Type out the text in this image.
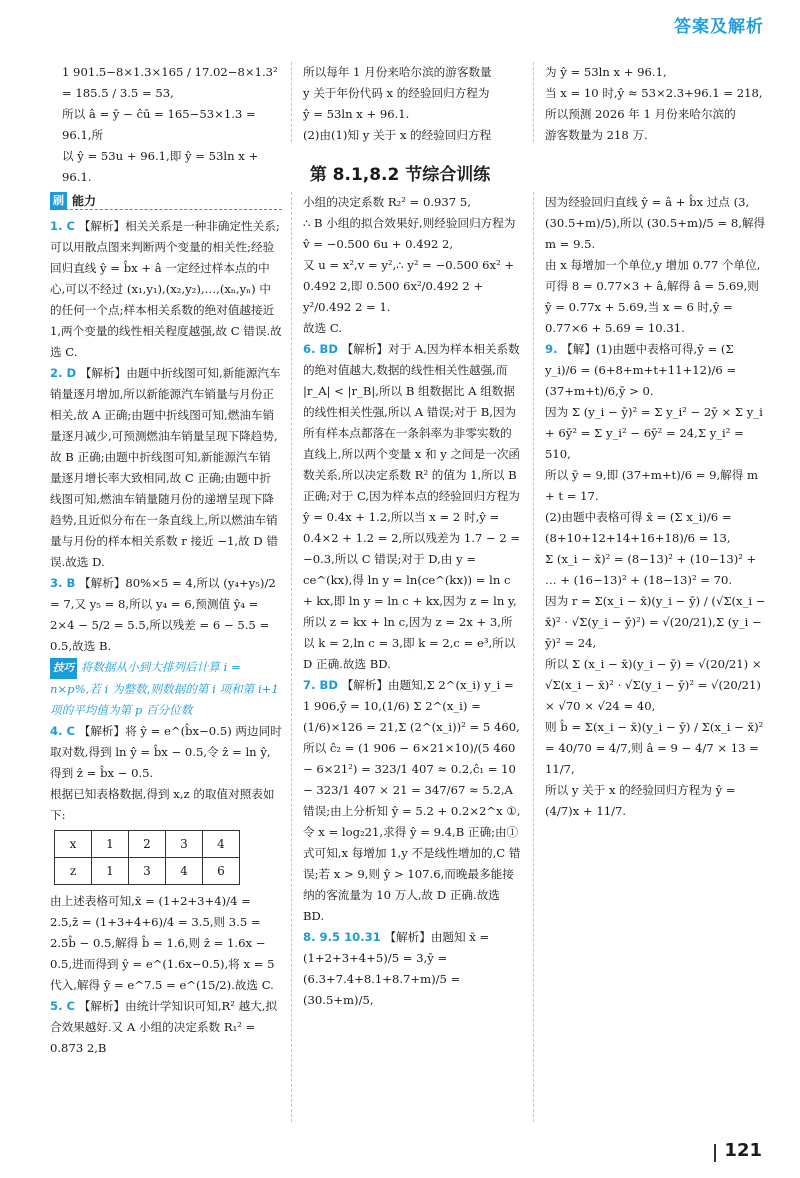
答案及解析

1 901.5−8×1.3×165 / 17.02−8×1.3² = 185.5 / 3.5 = 53,

所以 â = ȳ − ĉū = 165−53×1.3 = 96.1,所

以 ŷ = 53u + 96.1,即 ŷ = 53ln x + 96.1.

所以每年 1 月份来哈尔滨的游客数量

y 关于年份代码 x 的经验回归方程为

ŷ = 53ln x + 96.1.

(2)由(1)知 y 关于 x 的经验回归方程

为 ŷ = 53ln x + 96.1,

当 x = 10 时,ŷ ≈ 53×2.3+96.1 = 218,

所以预测 2026 年 1 月份来哈尔滨的

游客数量为 218 万.

第 8.1,8.2 节综合训练
刷 能力

1. C 【解析】相关关系是一种非确定性关系;可以用散点图来判断两个变量的相关性;经验回归直线 ŷ = b̂x + â 一定经过样本点的中心,可以不经过 (x₁,y₁),(x₂,y₂),…,(xₙ,yₙ) 中的任何一个点;样本相关系数的绝对值越接近 1,两个变量的线性相关程度越强,故 C 错误.故选 C.

2. D 【解析】由题中折线图可知,新能源汽车销量逐月增加,所以新能源汽车销量与月份正相关,故 A 正确;由题中折线图可知,燃油车销量逐月减少,可预测燃油车销量呈现下降趋势,故 B 正确;由题中折线图可知,新能源汽车销量逐月增长率大致相同,故 C 正确;由题中折线图可知,燃油车销量随月份的递增呈现下降趋势,且近似分布在一条直线上,所以燃油车销量与月份的样本相关系数 r 接近 −1,故 D 错误.故选 D.

3. B 【解析】80%×5 = 4,所以 (y₄+y₅)/2 = 7,又 y₅ = 8,所以 y₄ = 6,预测值 ŷ₄ = 2×4 − 5/2 = 5.5,所以残差 = 6 − 5.5 = 0.5,故选 B.

技巧 将数据从小到大排列后计算 i = n×p%,若 i 为整数,则数据的第 i 项和第 i+1 项的平均值为第 p 百分位数

4. C 【解析】将 ŷ = e^(b̂x−0.5) 两边同时取对数,得到 ln ŷ = b̂x − 0.5,令 ẑ = ln ŷ,得到 ẑ = b̂x − 0.5.

根据已知表格数据,得到 x,z 的取值对照表如下:

x	1	2	3	4
z	1	3	4	6

由上述表格可知,x̄ = (1+2+3+4)/4 = 2.5,z̄ = (1+3+4+6)/4 = 3.5,则 3.5 = 2.5b̂ − 0.5,解得 b̂ = 1.6,则 ẑ = 1.6x − 0.5,进而得到 ŷ = e^(1.6x−0.5),将 x = 5 代入,解得 ŷ = e^7.5 = e^(15/2).故选 C.

5. C 【解析】由统计学知识可知,R² 越大,拟合效果越好.又 A 小组的决定系数 R₁² = 0.873 2,B

小组的决定系数 R₂² = 0.937 5,

∴ B 小组的拟合效果好,则经验回归方程为 v̂ = −0.500 6u + 0.492 2,

又 u = x²,v = y²,∴ y² = −0.500 6x² + 0.492 2,即 0.500 6x²/0.492 2 + y²/0.492 2 = 1.

故选 C.

6. BD 【解析】对于 A,因为样本相关系数的绝对值越大,数据的线性相关性越强,而 |r_A| < |r_B|,所以 B 组数据比 A 组数据的线性相关性强,所以 A 错误;对于 B,因为所有样本点都落在一条斜率为非零实数的直线上,所以两个变量 x 和 y 之间是一次函数关系,所以决定系数 R² 的值为 1,所以 B 正确;对于 C,因为样本点的经验回归方程为 ŷ = 0.4x + 1.2,所以当 x = 2 时,ŷ = 0.4×2 + 1.2 = 2,所以残差为 1.7 − 2 = −0.3,所以 C 错误;对于 D,由 y = ce^(kx),得 ln y = ln(ce^(kx)) = ln c + kx,即 ln y = ln c + kx,因为 z = ln y,所以 z = kx + ln c,因为 z = 2x + 3,所以 k = 2,ln c = 3,即 k = 2,c = e³,所以 D 正确.故选 BD.

7. BD 【解析】由题知,Σ 2^(x_i) y_i = 1 906,ȳ = 10,(1/6) Σ 2^(x_i) = (1/6)×126 = 21,Σ (2^(x_i))² = 5 460,所以 ĉ₂ = (1 906 − 6×21×10)/(5 460 − 6×21²) = 323/1 407 ≈ 0.2,ĉ₁ = 10 − 323/1 407 × 21 = 347/67 ≈ 5.2,A 错误;由上分析知 ŷ = 5.2 + 0.2×2^x ①,令 x = log₂21,求得 ŷ = 9.4,B 正确;由①式可知,x 每增加 1,y 不是线性增加的,C 错误;若 x > 9,则 ŷ > 107.6,而晚最多能接纳的客流量为 10 万人,故 D 正确.故选 BD.

8. 9.5 10.31 【解析】由题知 x̄ = (1+2+3+4+5)/5 = 3,ȳ = (6.3+7.4+8.1+8.7+m)/5 = (30.5+m)/5,

因为经验回归直线 ŷ = â + b̂x 过点 (3,(30.5+m)/5),所以 (30.5+m)/5 = 8,解得 m = 9.5.

由 x 每增加一个单位,y 增加 0.77 个单位,可得 8 = 0.77×3 + â,解得 â = 5.69,则 ŷ = 0.77x + 5.69,当 x = 6 时,ŷ = 0.77×6 + 5.69 = 10.31.

9. 【解】(1)由题中表格可得,ȳ = (Σ y_i)/6 = (6+8+m+t+11+12)/6 = (37+m+t)/6,ȳ > 0.

因为 Σ (y_i − ȳ)² = Σ y_i² − 2ȳ × Σ y_i + 6ȳ² = Σ y_i² − 6ȳ² = 24,Σ y_i² = 510,

所以 ȳ = 9,即 (37+m+t)/6 = 9,解得 m + t = 17.

(2)由题中表格可得 x̄ = (Σ x_i)/6 = (8+10+12+14+16+18)/6 = 13,

Σ (x_i − x̄)² = (8−13)² + (10−13)² + … + (16−13)² + (18−13)² = 70.

因为 r = Σ(x_i − x̄)(y_i − ȳ) / (√Σ(x_i − x̄)² · √Σ(y_i − ȳ)²) = √(20/21),Σ (y_i − ȳ)² = 24,

所以 Σ (x_i − x̄)(y_i − ȳ) = √(20/21) × √Σ(x_i − x̄)² · √Σ(y_i − ȳ)² = √(20/21) × √70 × √24 = 40,

则 b̂ = Σ(x_i − x̄)(y_i − ȳ) / Σ(x_i − x̄)² = 40/70 = 4/7,则 â = 9 − 4/7 × 13 = 11/7,

所以 y 关于 x 的经验回归方程为 ŷ = (4/7)x + 11/7.

121
